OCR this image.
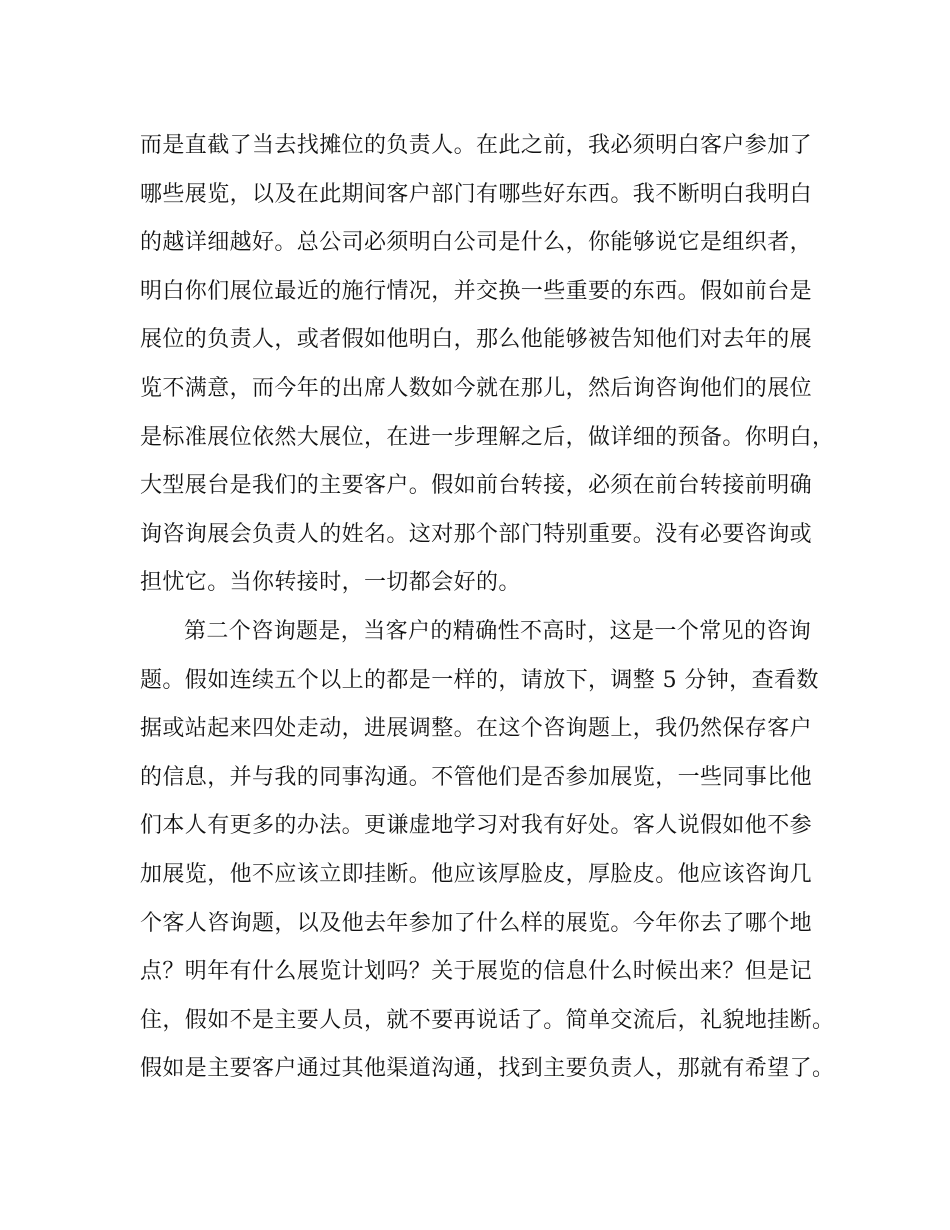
而是直截了当去找摊位的负责人。在此之前，我必须明白客户参加了
哪些展览，以及在此期间客户部门有哪些好东西。我不断明白我明白
的越详细越好。总公司必须明白公司是什么，你能够说它是组织者，
明白你们展位最近的施行情况，并交换一些重要的东西。假如前台是
展位的负责人，或者假如他明白，那么他能够被告知他们对去年的展
览不满意，而今年的出席人数如今就在那儿，然后询咨询他们的展位
是标准展位依然大展位，在进一步理解之后，做详细的预备。你明白，
大型展台是我们的主要客户。假如前台转接，必须在前台转接前明确
询咨询展会负责人的姓名。这对那个部门特别重要。没有必要咨询或
担忧它。当你转接时，一切都会好的。
第二个咨询题是，当客户的精确性不高时，这是一个常见的咨询
题。假如连续五个以上的都是一样的，请放下，调整 5 分钟，查看数
据或站起来四处走动，进展调整。在这个咨询题上，我仍然保存客户
的信息，并与我的同事沟通。不管他们是否参加展览，一些同事比他
们本人有更多的办法。更谦虚地学习对我有好处。客人说假如他不参
加展览，他不应该立即挂断。他应该厚脸皮，厚脸皮。他应该咨询几
个客人咨询题，以及他去年参加了什么样的展览。今年你去了哪个地
点？明年有什么展览计划吗？关于展览的信息什么时候出来？但是记
住，假如不是主要人员，就不要再说话了。简单交流后，礼貌地挂断。
假如是主要客户通过其他渠道沟通，找到主要负责人，那就有希望了。
